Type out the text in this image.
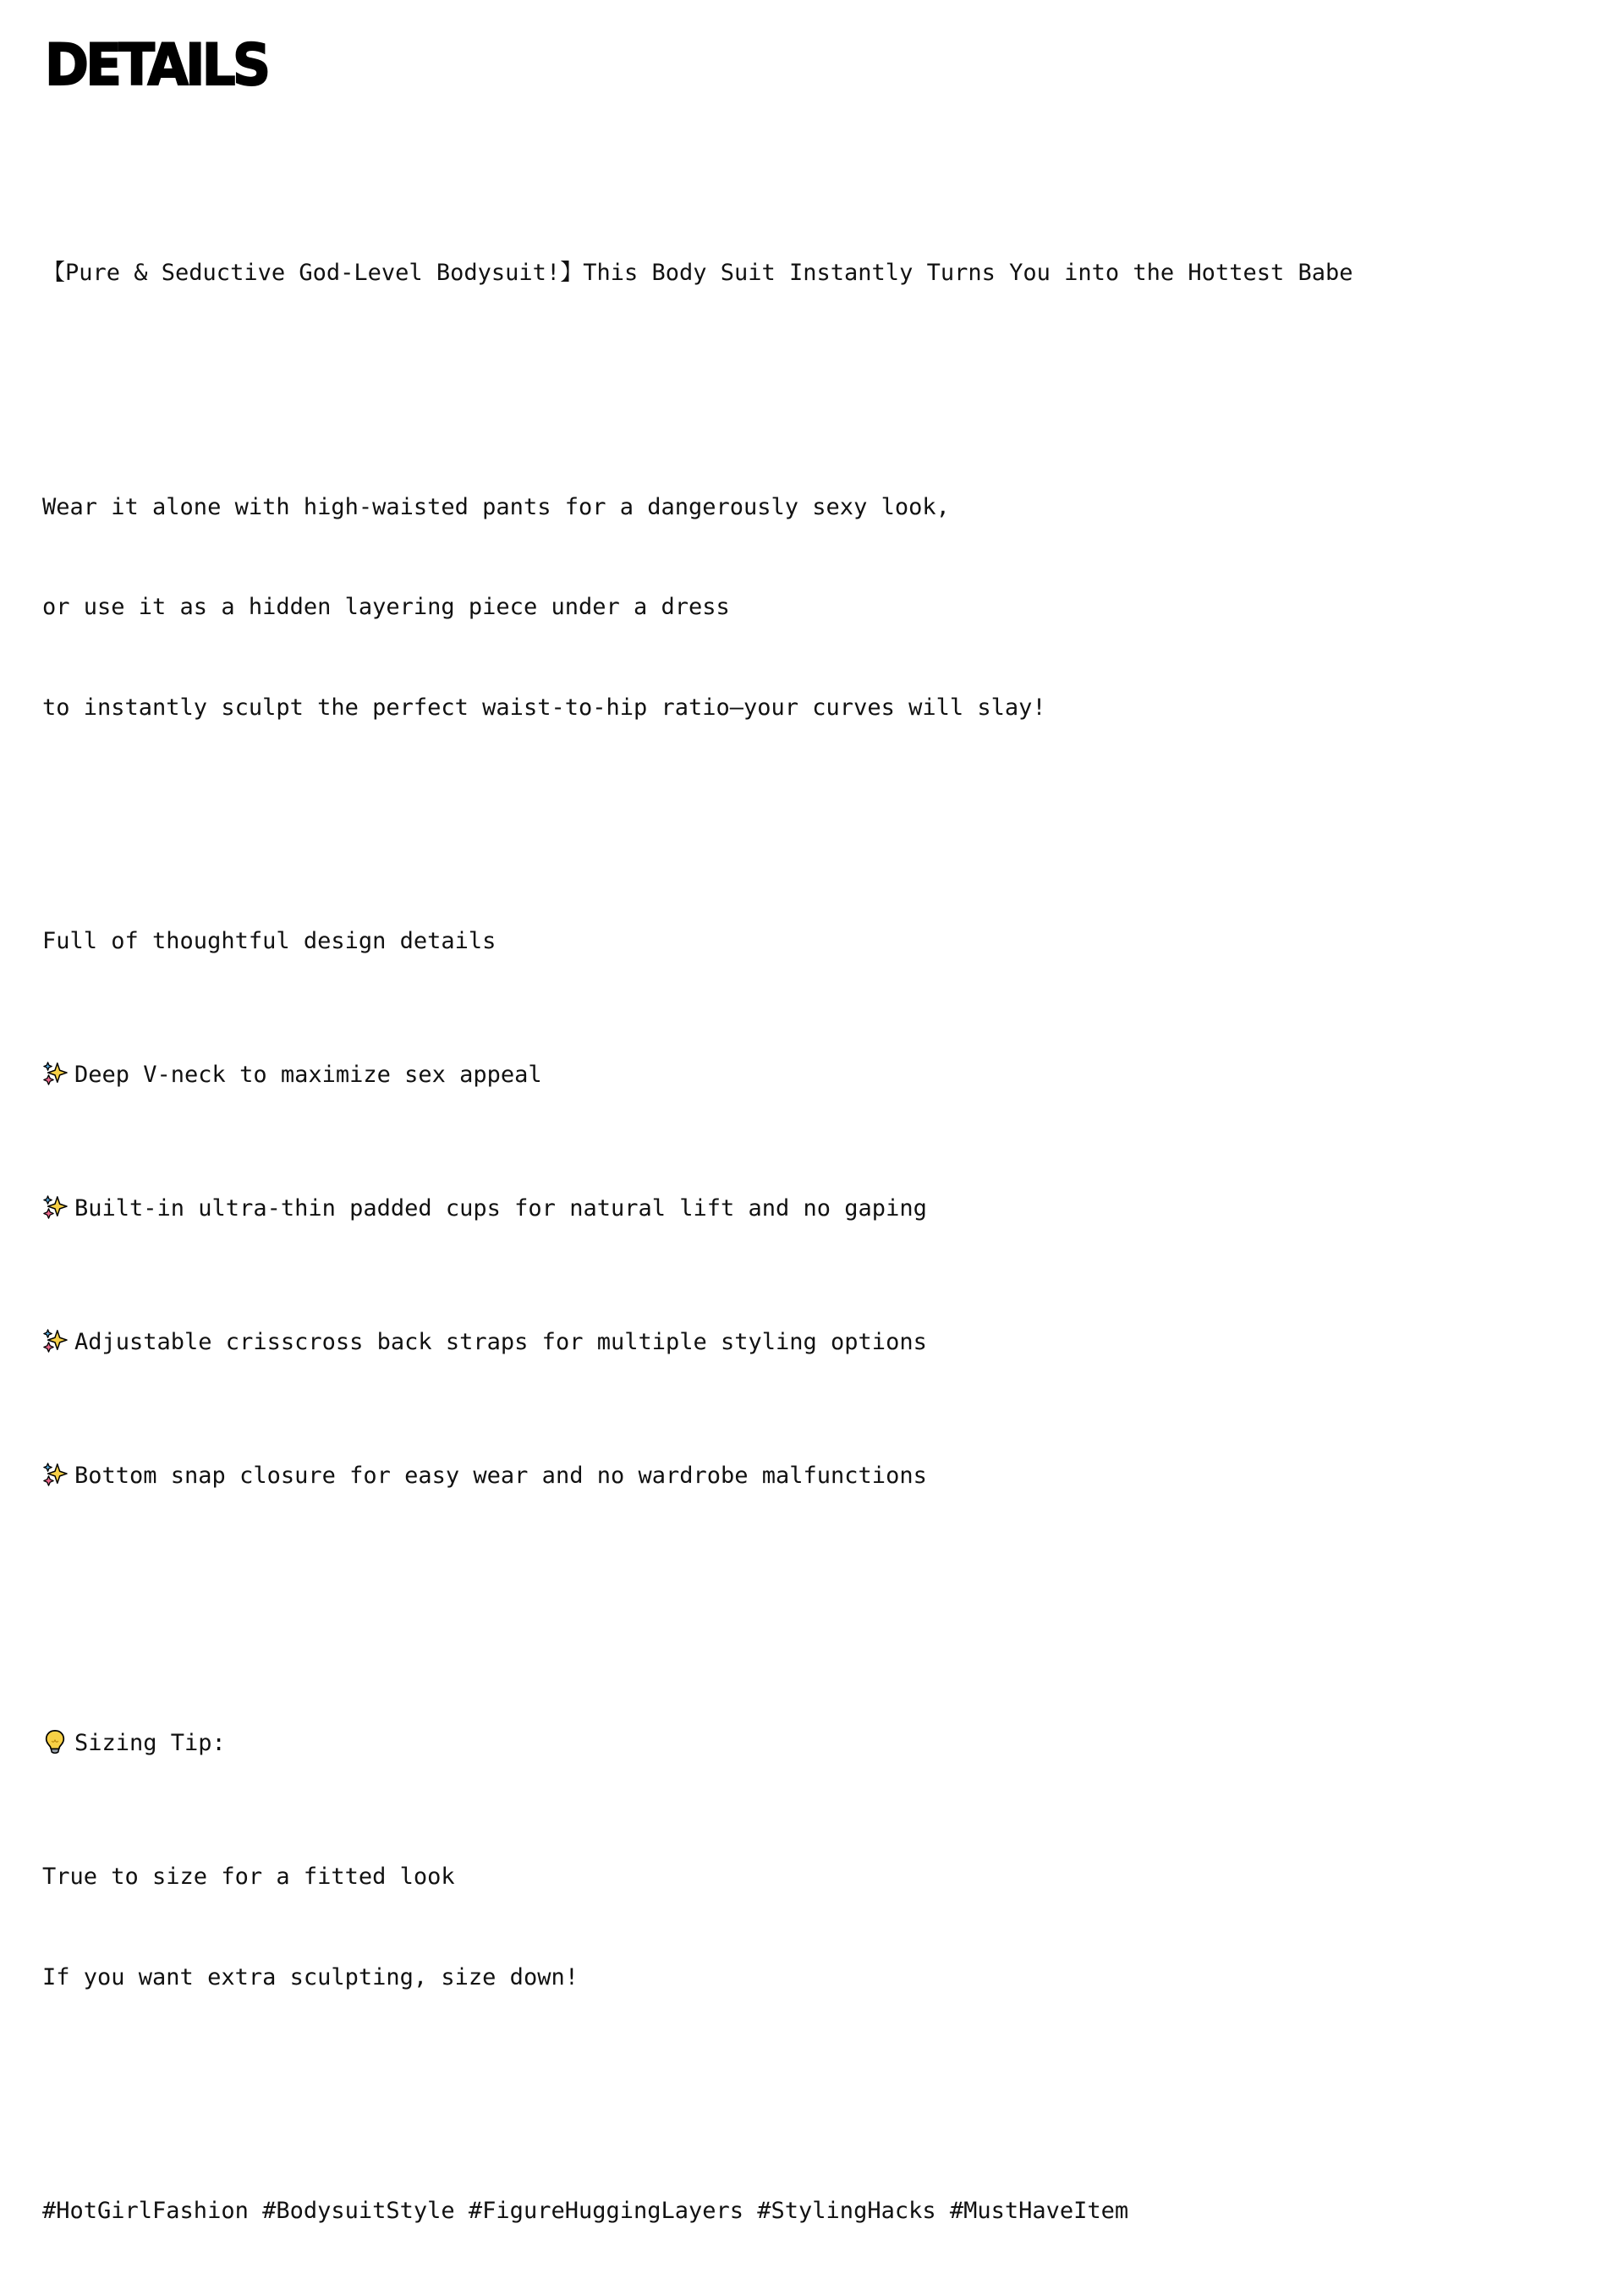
DETAILS

【Pure & Seductive God-Level Bodysuit!】This Body Suit Instantly Turns You into the Hottest Babe

Wear it alone with high-waisted pants for a dangerously sexy look,

or use it as a hidden layering piece under a dress

to instantly sculpt the perfect waist-to-hip ratio—your curves will slay!

Full of thoughtful design details

Deep V-neck to maximize sex appeal

Built-in ultra-thin padded cups for natural lift and no gaping

Adjustable crisscross back straps for multiple styling options

Bottom snap closure for easy wear and no wardrobe malfunctions

Sizing Tip:

True to size for a fitted look

If you want extra sculpting, size down!

#HotGirlFashion #BodysuitStyle #FigureHuggingLayers #StylingHacks #MustHaveItem
